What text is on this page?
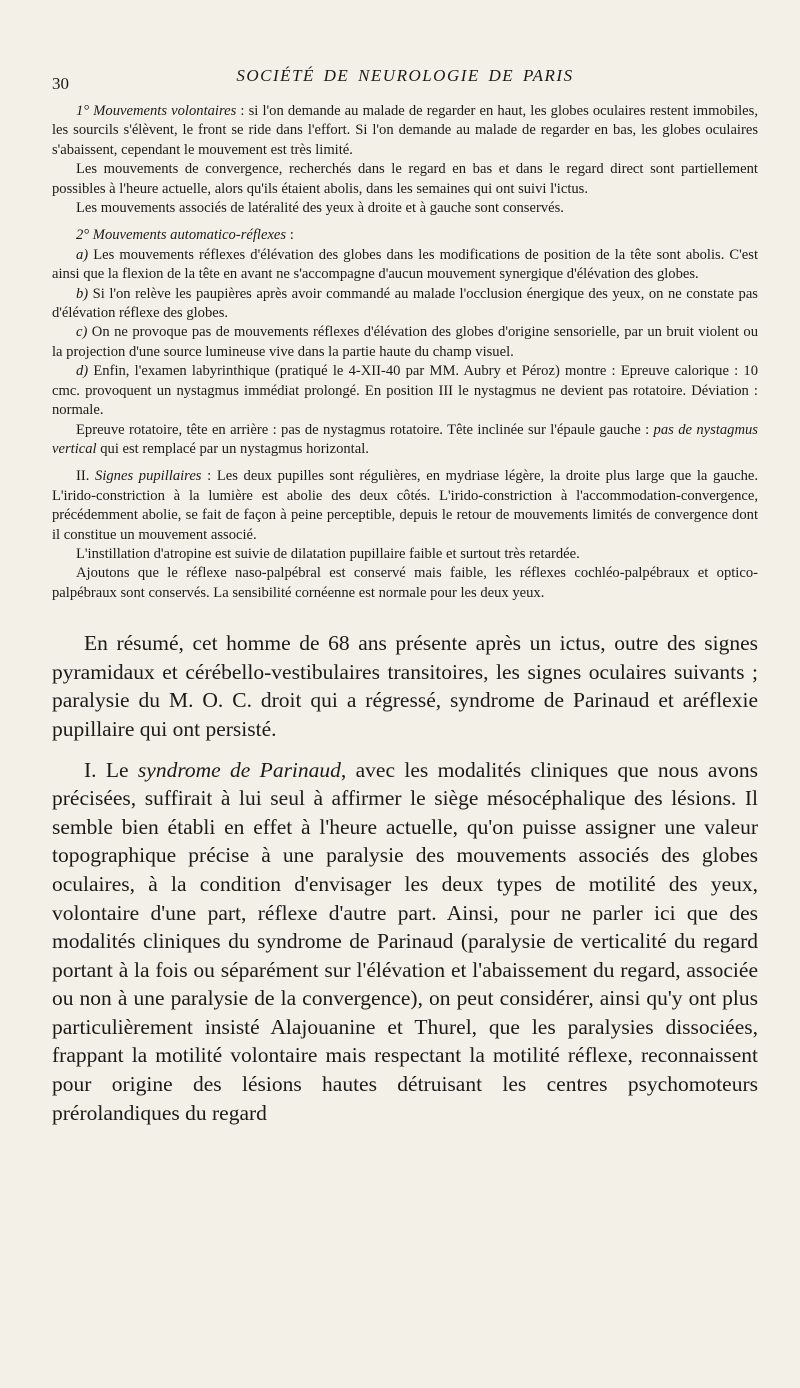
30	SOCIÉTÉ DE NEUROLOGIE DE PARIS

1° Mouvements volontaires : si l'on demande au malade de regarder en haut, les globes oculaires restent immobiles, les sourcils s'élèvent, le front se ride dans l'effort. Si l'on demande au malade de regarder en bas, les globes oculaires s'abaissent, cependant le mouvement est très limité.

Les mouvements de convergence, recherchés dans le regard en bas et dans le regard direct sont partiellement possibles à l'heure actuelle, alors qu'ils étaient abolis, dans les semaines qui ont suivi l'ictus.

Les mouvements associés de latéralité des yeux à droite et à gauche sont conservés.

2° Mouvements automatico-réflexes :

a) Les mouvements réflexes d'élévation des globes dans les modifications de position de la tête sont abolis. C'est ainsi que la flexion de la tête en avant ne s'accompagne d'aucun mouvement synergique d'élévation des globes.

b) Si l'on relève les paupières après avoir commandé au malade l'occlusion énergique des yeux, on ne constate pas d'élévation réflexe des globes.

c) On ne provoque pas de mouvements réflexes d'élévation des globes d'origine sensorielle, par un bruit violent ou la projection d'une source lumineuse vive dans la partie haute du champ visuel.

d) Enfin, l'examen labyrinthique (pratiqué le 4-XII-40 par MM. Aubry et Péroz) montre : Epreuve calorique : 10 cmc. provoquent un nystagmus immédiat prolongé. En position III le nystagmus ne devient pas rotatoire. Déviation : normale.

Epreuve rotatoire, tête en arrière : pas de nystagmus rotatoire. Tête inclinée sur l'épaule gauche : pas de nystagmus vertical qui est remplacé par un nystagmus horizontal.

II. Signes pupillaires : Les deux pupilles sont régulières, en mydriase légère, la droite plus large que la gauche. L'irido-constriction à la lumière est abolie des deux côtés. L'irido-constriction à l'accommodation-convergence, précédemment abolie, se fait de façon à peine perceptible, depuis le retour de mouvements limités de convergence dont il constitue un mouvement associé.

L'instillation d'atropine est suivie de dilatation pupillaire faible et surtout très retardée.

Ajoutons que le réflexe naso-palpébral est conservé mais faible, les réflexes cochléo-palpébraux et optico-palpébraux sont conservés. La sensibilité cornéenne est normale pour les deux yeux.

En résumé, cet homme de 68 ans présente après un ictus, outre des signes pyramidaux et cérébello-vestibulaires transitoires, les signes oculaires suivants ; paralysie du M. O. C. droit qui a régressé, syndrome de Parinaud et aréflexie pupillaire qui ont persisté.

I. Le syndrome de Parinaud, avec les modalités cliniques que nous avons précisées, suffirait à lui seul à affirmer le siège mésocéphalique des lésions. Il semble bien établi en effet à l'heure actuelle, qu'on puisse assigner une valeur topographique précise à une paralysie des mouvements associés des globes oculaires, à la condition d'envisager les deux types de motilité des yeux, volontaire d'une part, réflexe d'autre part. Ainsi, pour ne parler ici que des modalités cliniques du syndrome de Parinaud (paralysie de verticalité du regard portant à la fois ou séparément sur l'élévation et l'abaissement du regard, associée ou non à une paralysie de la convergence), on peut considérer, ainsi qu'y ont plus particulièrement insisté Alajouanine et Thurel, que les paralysies dissociées, frappant la motilité volontaire mais respectant la motilité réflexe, reconnaissent pour origine des lésions hautes détruisant les centres psychomoteurs prérolandiques du regard
